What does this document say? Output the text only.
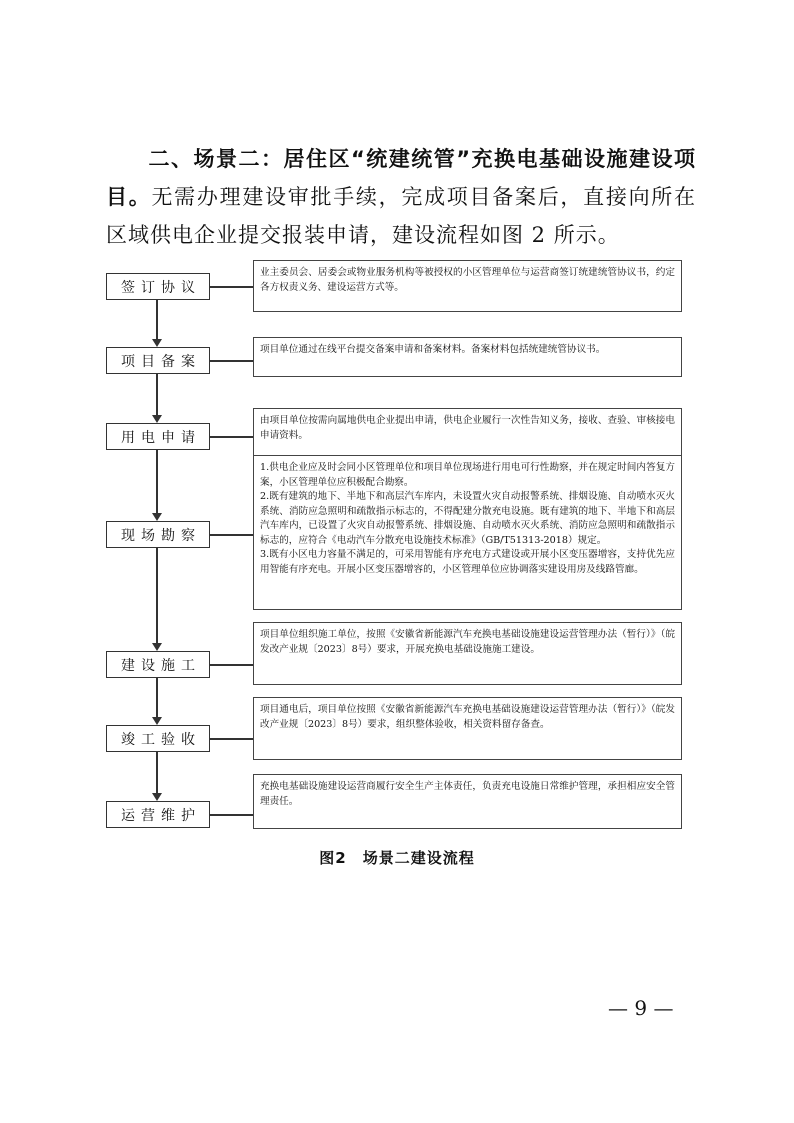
二、场景二：居住区“统建统管”充换电基础设施建设项目。无需办理建设审批手续，完成项目备案后，直接向所在区域供电企业提交报装申请，建设流程如图 2 所示。
签订协议

业主委员会、居委会或物业服务机构等被授权的小区管理单位与运营商签订统建统管协议书，约定各方权责义务、建设运营方式等。

项目备案

项目单位通过在线平台提交备案申请和备案材料。备案材料包括统建统管协议书。

用电申请

由项目单位按需向属地供电企业提出申请，供电企业履行一次性告知义务，接收、查验、审核接电申请资料。

现场勘察

1.供电企业应及时会同小区管理单位和项目单位现场进行用电可行性勘察，并在规定时间内答复方案，小区管理单位应积极配合勘察。

2.既有建筑的地下、半地下和高层汽车库内，未设置火灾自动报警系统、排烟设施、自动喷水灭火系统、消防应急照明和疏散指示标志的，不得配建分散充电设施。既有建筑的地下、半地下和高层汽车库内，已设置了火灾自动报警系统、排烟设施、自动喷水灭火系统、消防应急照明和疏散指示标志的，应符合《电动汽车分散充电设施技术标准》（GB/T51313-2018）规定。

3.既有小区电力容量不满足的，可采用智能有序充电方式建设或开展小区变压器增容，支持优先应用智能有序充电。开展小区变压器增容的，小区管理单位应协调落实建设用房及线路管廊。

建设施工

项目单位组织施工单位，按照《安徽省新能源汽车充换电基础设施建设运营管理办法（暂行）》（皖发改产业规〔2023〕8号）要求，开展充换电基础设施施工建设。

竣工验收

项目通电后，项目单位按照《安徽省新能源汽车充换电基础设施建设运营管理办法（暂行）》（皖发改产业规〔2023〕8号）要求，组织整体验收，相关资料留存备查。

运营维护

充换电基础设施建设运营商履行安全生产主体责任，负责充电设施日常维护管理，承担相应安全管理责任。

图2　场景二建设流程
— 9 —
